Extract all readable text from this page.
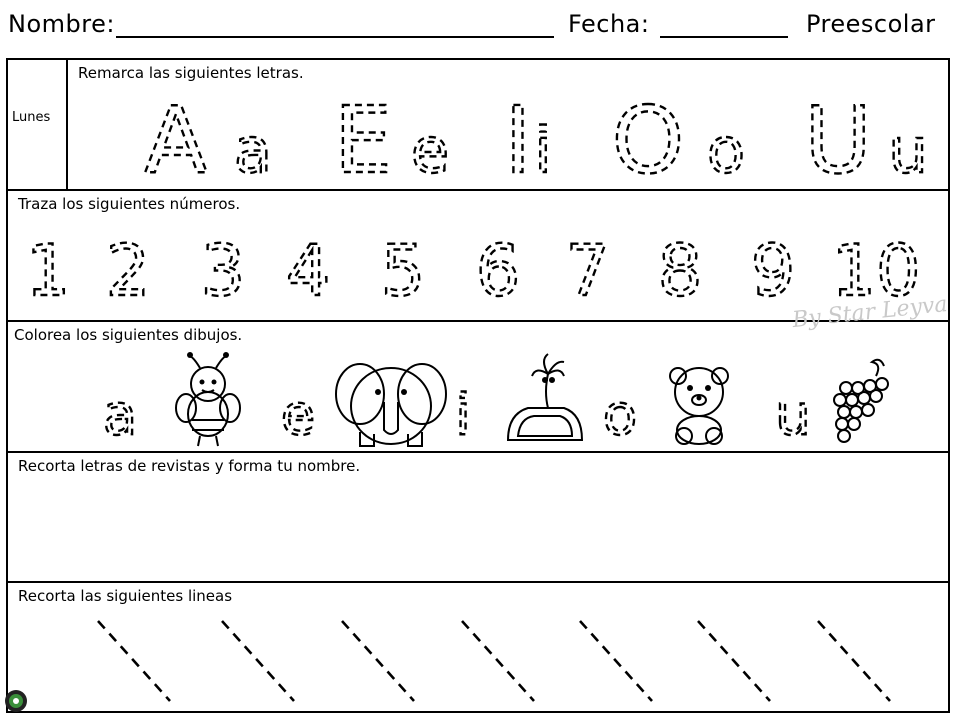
Nombre:	Fecha:	Preescolar
Lunes
Remarca las siguientes letras.
A a E e I i O o U u
Traza los siguientes números.
1 2 3 4 5 6 7 8 9 10
Colorea los siguientes dibujos.
a	e i o u
Recorta letras de revistas y forma tu nombre.
Recorta las siguientes lineas
By Star Leyva
